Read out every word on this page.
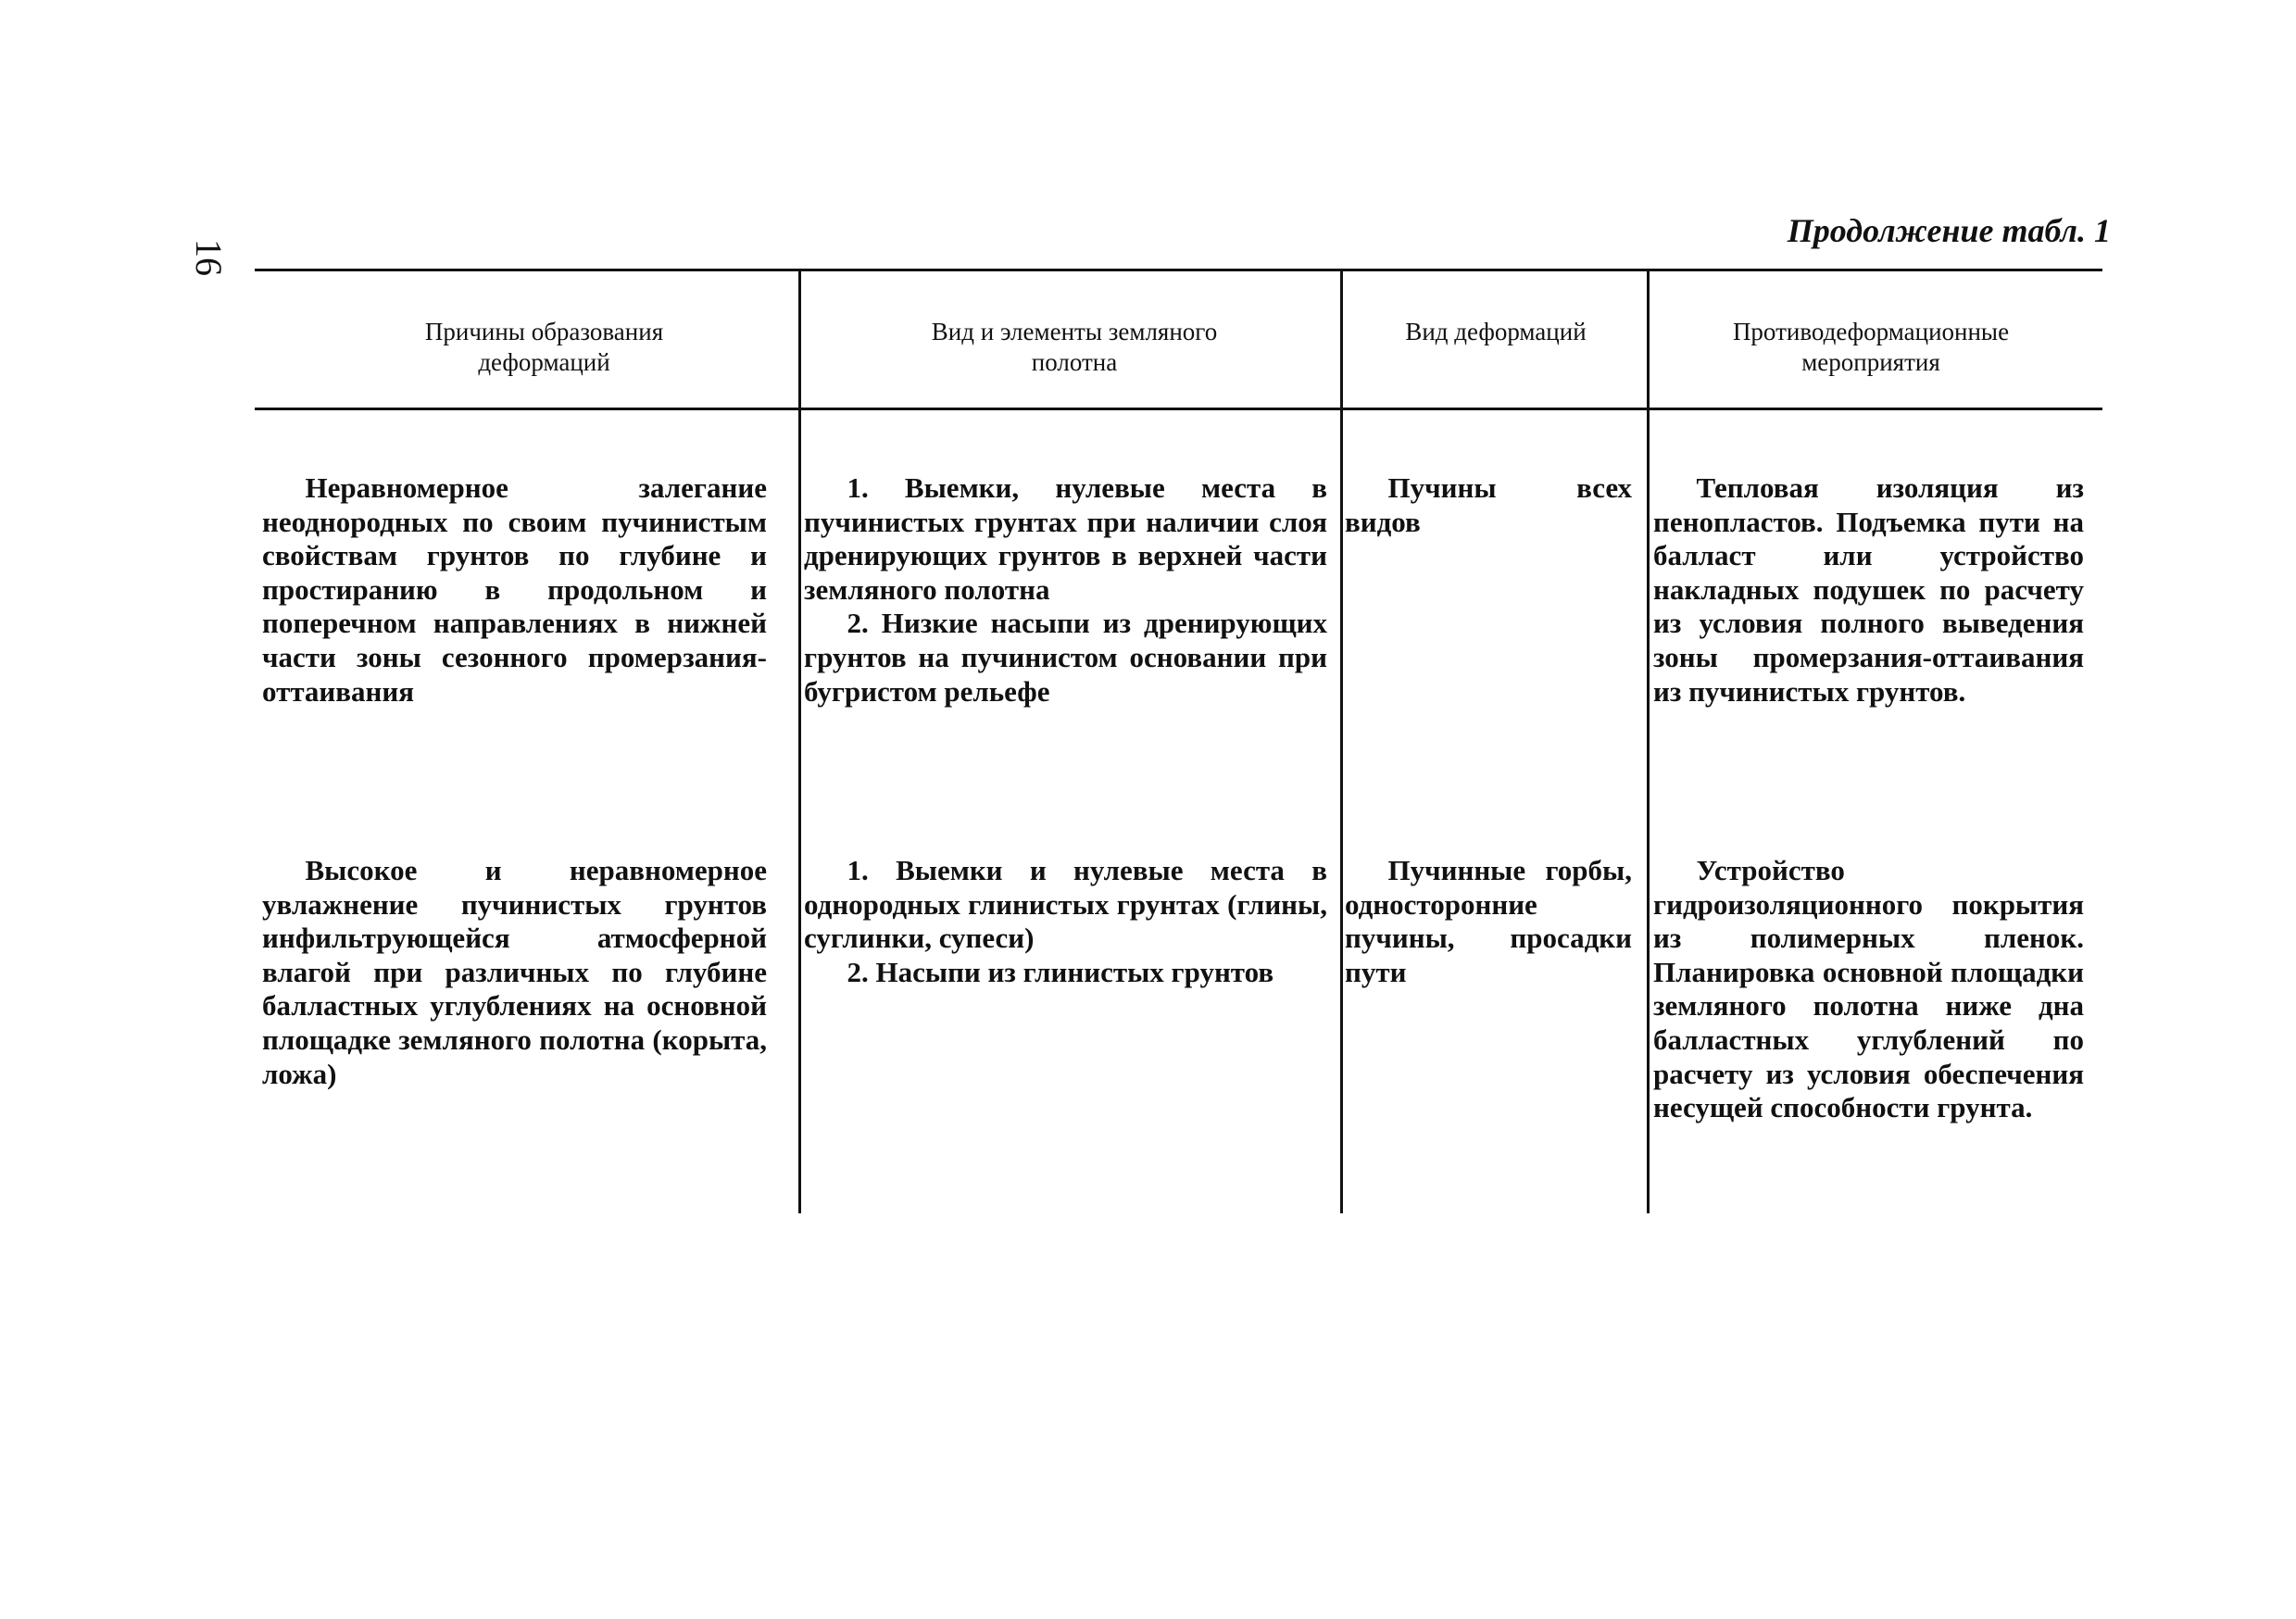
16
Продолжение табл. 1
Причины образования деформаций
Вид и элементы земляного полотна
Вид деформаций	Противодеформационные мероприятия

Неравномерное залегание неоднородных по своим пучинистым свойствам грунтов по глубине и простиранию в продольном и поперечном направлениях в нижней части зоны сезонного промерзания-оттаивания

1. Выемки, нулевые места в пучинистых грунтах при наличии слоя дренирующих грунтов в верхней части земляного полотна

2. Низкие насыпи из дренирующих грунтов на пучинистом основании при бугристом рельефе

Пучины всех видов

Тепловая изоляция из пенопластов. Подъемка пути на балласт или устройство накладных подушек по расчету из условия полного выведения зоны промерзания-оттаивания из пучинистых грунтов.

Высокое и неравномерное увлажнение пучинистых грунтов инфильтрующейся атмосферной влагой при различных по глубине балластных углублениях на основной площадке земляного полотна (корыта, ложа)

1. Выемки и нулевые места в однородных глинистых грунтах (глины, суглинки, супеси)

2. Насыпи из глинистых грунтов

Пучинные горбы, односторонние пучины, просадки пути

Устройство гидроизоляционного покрытия из полимерных пленок. Планировка основной площадки земляного полотна ниже дна балластных углублений по расчету из условия обеспечения несущей способности грунта.
